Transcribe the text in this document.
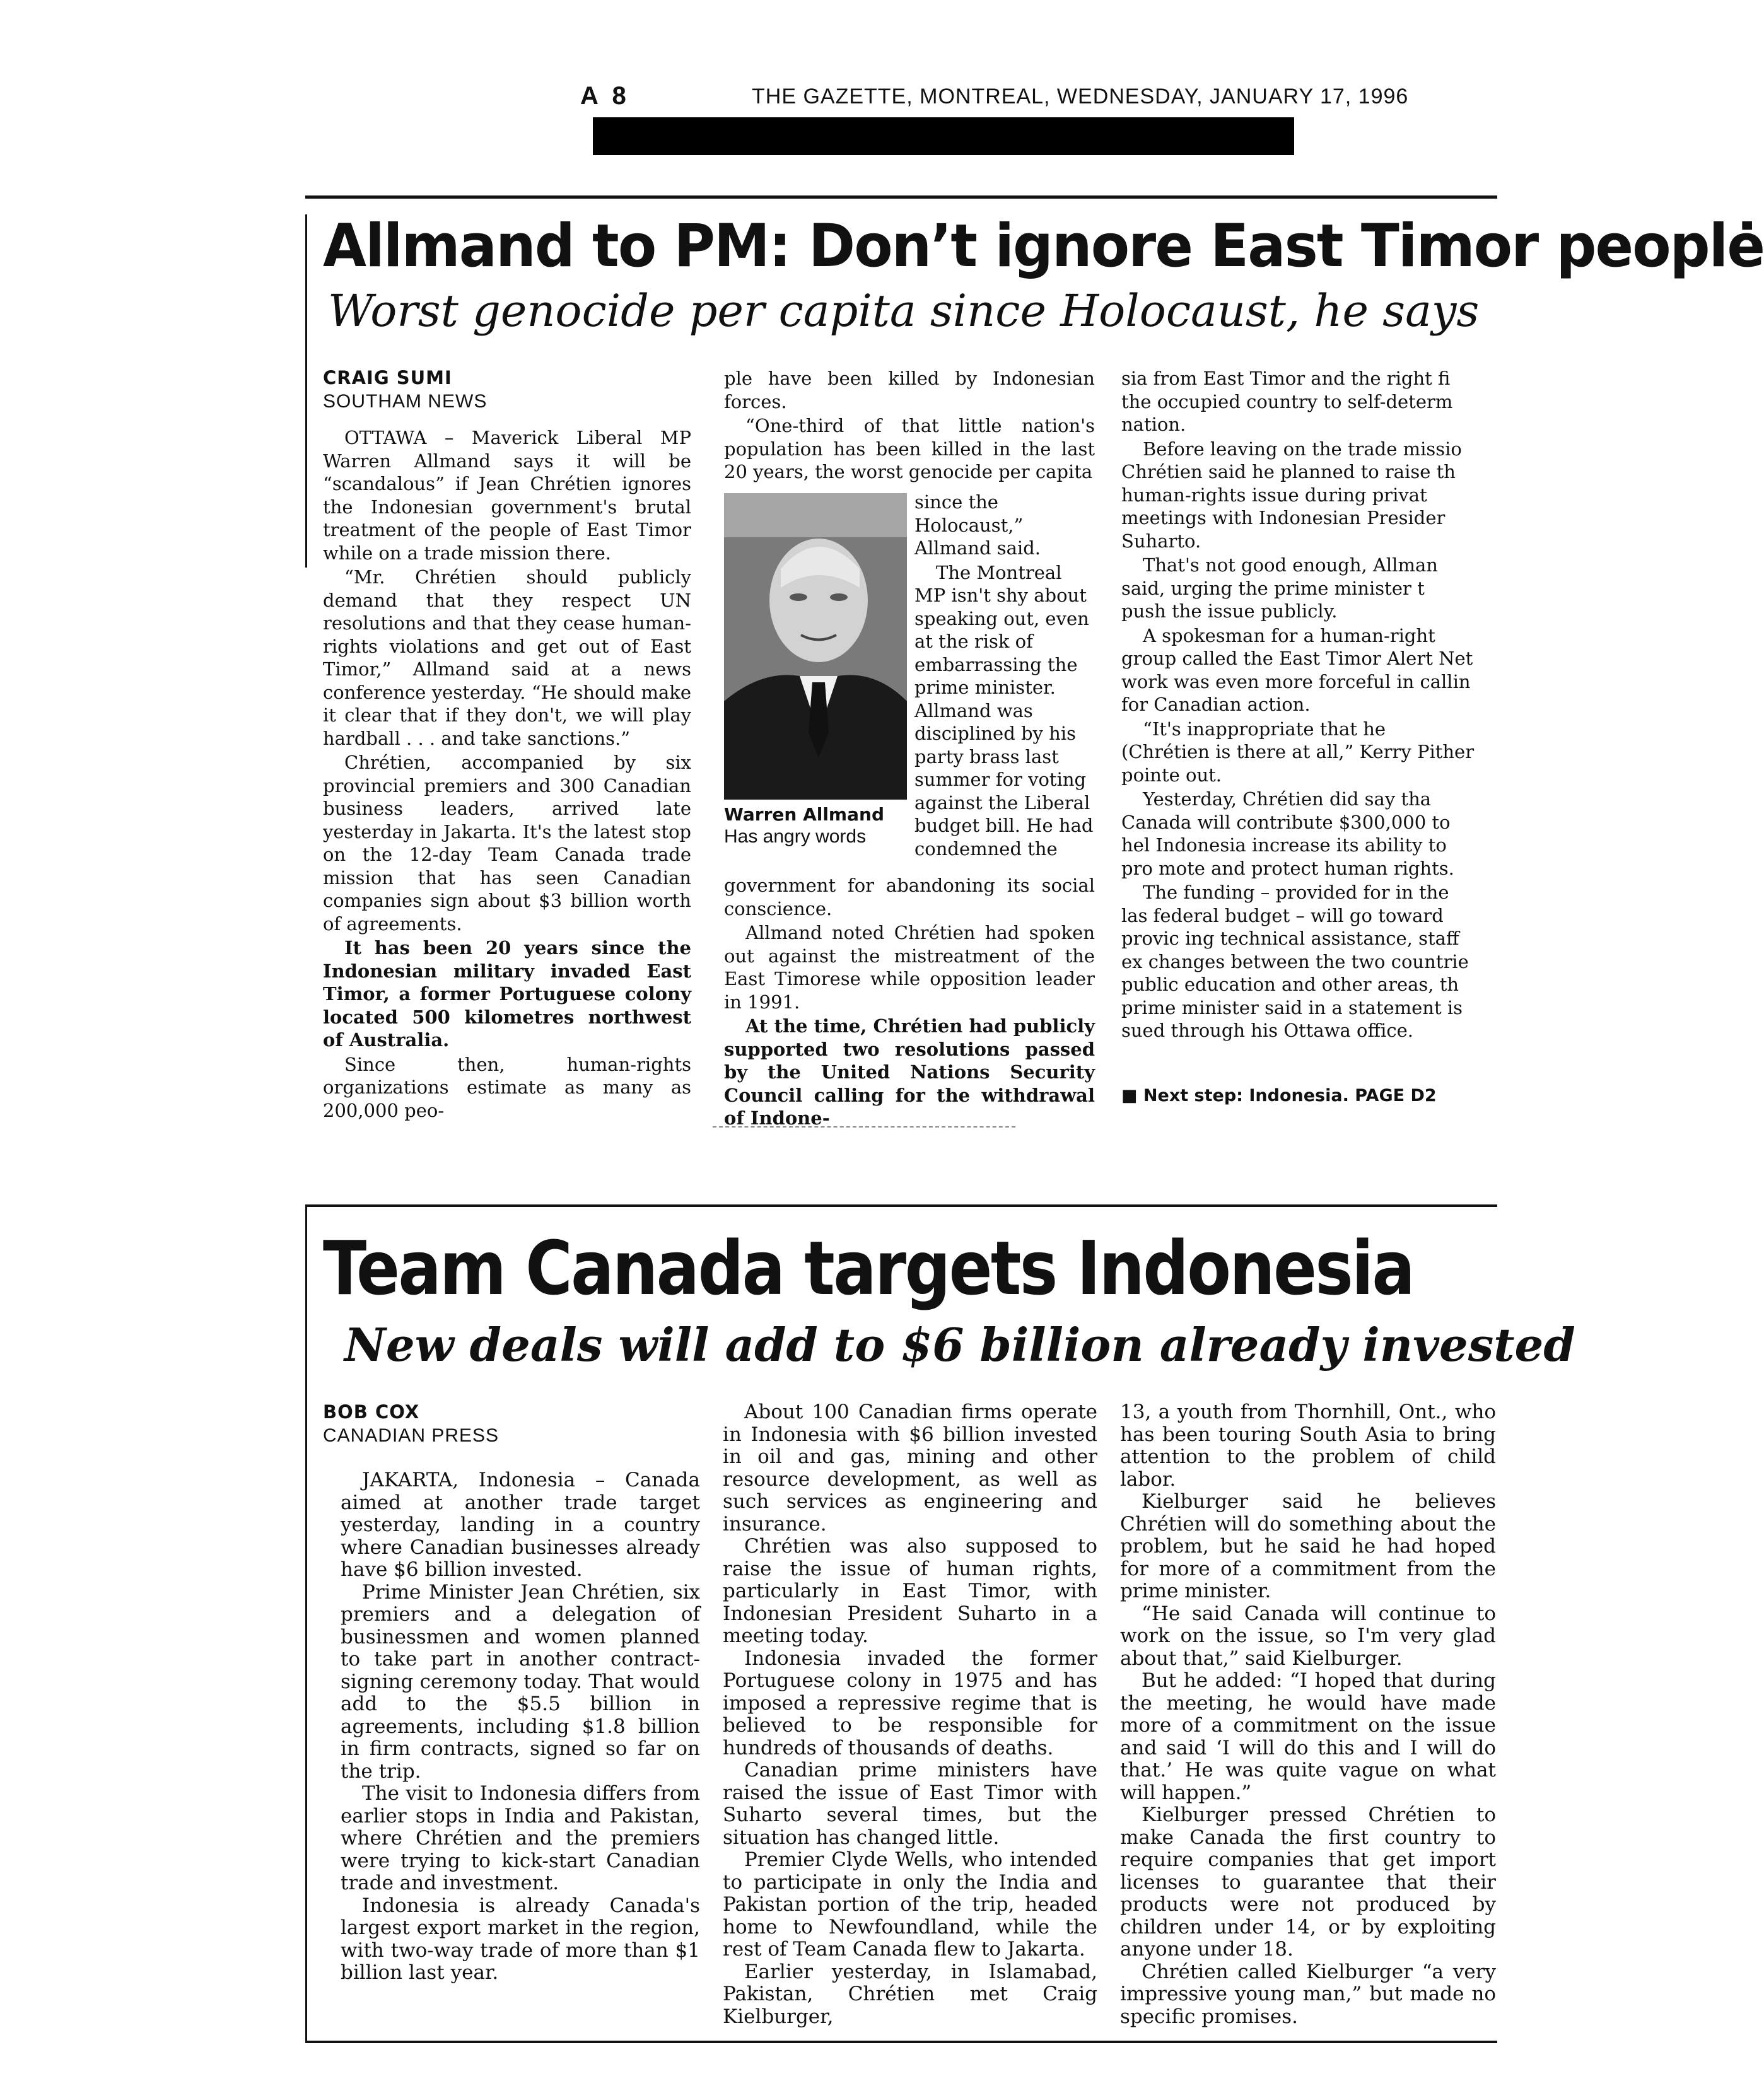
A 8	THE GAZETTE, MONTREAL, WEDNESDAY, JANUARY 17, 1996
Allmand to PM: Don’t ignore East Timor peoplė
Worst genocide per capita since Holocaust, he says
CRAIG SUMI
SOUTHAM NEWS

OTTAWA – Maverick Liberal MP Warren Allmand says it will be “scandalous” if Jean Chrétien ignores the Indonesian government's brutal treatment of the people of East Timor while on a trade mission there.

“Mr. Chrétien should publicly demand that they respect UN resolutions and that they cease human-rights violations and get out of East Timor,” Allmand said at a news conference yesterday. “He should make it clear that if they don't, we will play hardball . . . and take sanctions.”

Chrétien, accompanied by six provincial premiers and 300 Canadian business leaders, arrived late yesterday in Jakarta. It's the latest stop on the 12-day Team Canada trade mission that has seen Canadian companies sign about $3 billion worth of agreements.

It has been 20 years since the Indonesian military invaded East Timor, a former Portuguese colony located 500 kilometres northwest of Australia.

Since then, human-rights organizations estimate as many as 200,000 peo-

ple have been killed by Indonesian forces.

“One-third of that little nation's population has been killed in the last 20 years, the worst genocide per capita

Warren Allmand
Has angry words

since the Holocaust,” Allmand said.

The Montreal MP isn't shy about speaking out, even at the risk of embarrassing the prime minister. Allmand was disciplined by his party brass last summer for voting against the Liberal budget bill. He had condemned the

government for abandoning its social conscience.

Allmand noted Chrétien had spoken out against the mistreatment of the East Timorese while opposition leader in 1991.

At the time, Chrétien had publicly supported two resolutions passed by the United Nations Security Council calling for the withdrawal of Indone-

sia from East Timor and the right fi the occupied country to self-determ nation.

Before leaving on the trade missio Chrétien said he planned to raise th human-rights issue during privat meetings with Indonesian Presider Suharto.

That's not good enough, Allman said, urging the prime minister t push the issue publicly.

A spokesman for a human-right group called the East Timor Alert Net work was even more forceful in callin for Canadian action.

“It's inappropriate that he (Chrétien is there at all,” Kerry Pither pointe out.

Yesterday, Chrétien did say tha Canada will contribute $300,000 to hel Indonesia increase its ability to pro mote and protect human rights.

The funding – provided for in the las federal budget – will go toward provic ing technical assistance, staff ex changes between the two countrie public education and other areas, th prime minister said in a statement is sued through his Ottawa office.

■ Next step: Indonesia. PAGE D2
Team Canada targets Indonesia
New deals will add to $6 billion already invested
BOB COX
CANADIAN PRESS

JAKARTA, Indonesia – Canada aimed at another trade target yesterday, landing in a country where Canadian businesses already have $6 billion invested.

Prime Minister Jean Chrétien, six premiers and a delegation of businessmen and women planned to take part in another contract-signing ceremony today. That would add to the $5.5 billion in agreements, including $1.8 billion in firm contracts, signed so far on the trip.

The visit to Indonesia differs from earlier stops in India and Pakistan, where Chrétien and the premiers were trying to kick-start Canadian trade and investment.

Indonesia is already Canada's largest export market in the region, with two-way trade of more than $1 billion last year.

About 100 Canadian firms operate in Indonesia with $6 billion invested in oil and gas, mining and other resource development, as well as such services as engineering and insurance.

Chrétien was also supposed to raise the issue of human rights, particularly in East Timor, with Indonesian President Suharto in a meeting today.

Indonesia invaded the former Portuguese colony in 1975 and has imposed a repressive regime that is believed to be responsible for hundreds of thousands of deaths.

Canadian prime ministers have raised the issue of East Timor with Suharto several times, but the situation has changed little.

Premier Clyde Wells, who intended to participate in only the India and Pakistan portion of the trip, headed home to Newfoundland, while the rest of Team Canada flew to Jakarta.

Earlier yesterday, in Islamabad, Pakistan, Chrétien met Craig Kielburger,

13, a youth from Thornhill, Ont., who has been touring South Asia to bring attention to the problem of child labor.

Kielburger said he believes Chrétien will do something about the problem, but he said he had hoped for more of a commitment from the prime minister.

“He said Canada will continue to work on the issue, so I'm very glad about that,” said Kielburger.

But he added: “I hoped that during the meeting, he would have made more of a commitment on the issue and said ‘I will do this and I will do that.’ He was quite vague on what will happen.”

Kielburger pressed Chrétien to make Canada the first country to require companies that get import licenses to guarantee that their products were not produced by children under 14, or by exploiting anyone under 18.

Chrétien called Kielburger “a very impressive young man,” but made no specific promises.
